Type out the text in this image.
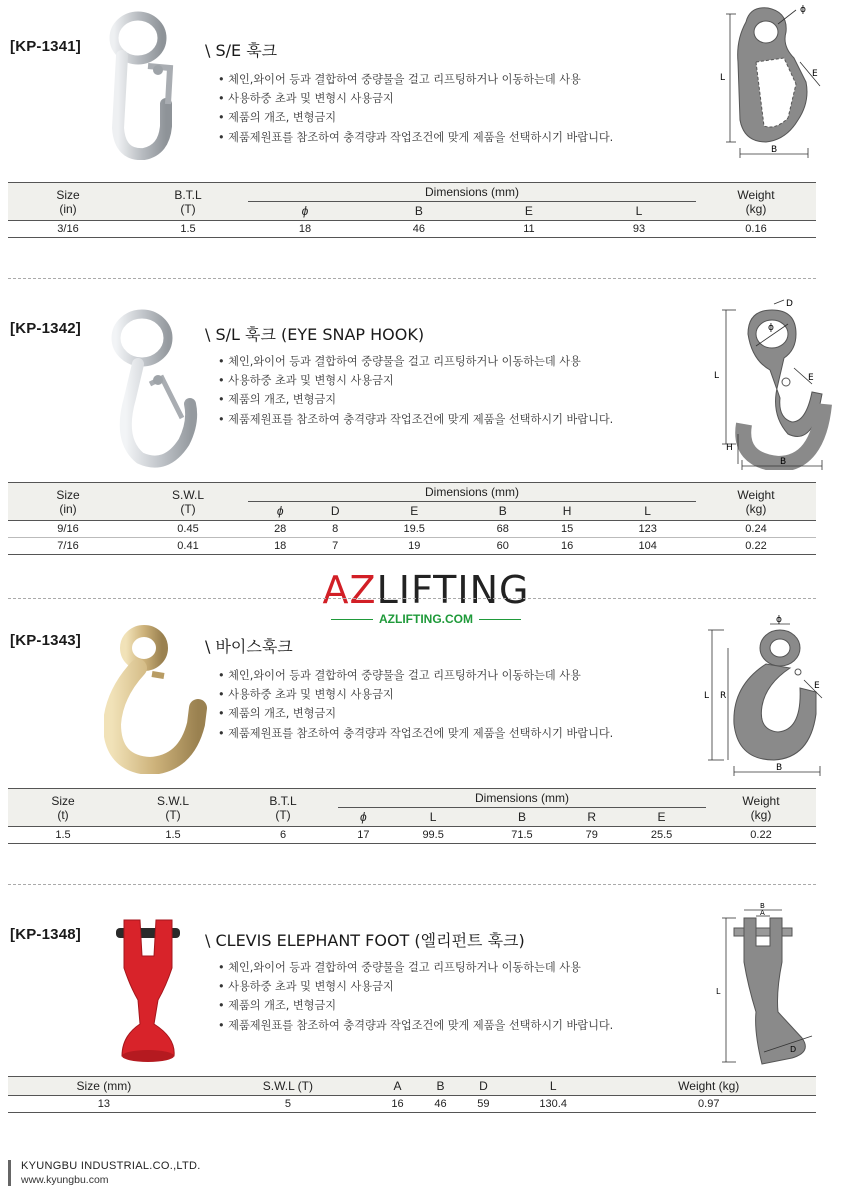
[KP-1341]	\ S/E 훅크
• 체인,와이어 등과 결합하여 중량물을 걸고 리프팅하거나 이동하는데 사용
• 사용하중 초과 및 변형시 사용금지
• 제품의 개조, 변형금지
• 제품제원표를 참조하여 충격량과 작업조건에 맞게 제품을 선택하시기 바랍니다.
ϕ
L	E
B
Size
(in)	B.T.L
(T)	Dimensions (mm)				Weight
(kg)
		ϕ	B	E	L	
3/16	1.5	18	46	11	93	0.16
[KP-1342]	\ S/L 훅크 (EYE SNAP HOOK)
• 체인,와이어 등과 결합하여 중량물을 걸고 리프팅하거나 이동하는데 사용
• 사용하중 초과 및 변형시 사용금지
• 제품의 개조, 변형금지
• 제품제원표를 참조하여 충격량과 작업조건에 맞게 제품을 선택하시기 바랍니다.
D
ϕ
L	E
H
B
Size
(in)	S.W.L
(T)	Dimensions (mm)						Weight
(kg)
		ϕ	D	E	B	H	L	
9/16	0.45	28	8	19.5	68	15	123	0.24
7/16	0.41	18	7	19	60	16	104	0.22
AZLIFTING
AZLIFTING.COM
[KP-1343]	\ 바이스훅크
• 체인,와이어 등과 결합하여 중량물을 걸고 리프팅하거나 이동하는데 사용
• 사용하중 초과 및 변형시 사용금지
• 제품의 개조, 변형금지
• 제품제원표를 참조하여 충격량과 작업조건에 맞게 제품을 선택하시기 바랍니다.
ϕ
L R
E
B
Size
(t)	S.W.L
(T)	B.T.L
(T)	Dimensions (mm)					Weight
(kg)
			ϕ	L	B	R	E	
1.5	1.5	6	17	99.5	71.5	79	25.5	0.22
[KP-1348]	\ CLEVIS ELEPHANT FOOT (엘리펀트 훅크)
• 체인,와이어 등과 결합하여 중량물을 걸고 리프팅하거나 이동하는데 사용
• 사용하중 초과 및 변형시 사용금지
• 제품의 개조, 변형금지
• 제품제원표를 참조하여 충격량과 작업조건에 맞게 제품을 선택하시기 바랍니다.
B
A
L
D
Size (mm)	S.W.L (T)	A	B	D	L	Weight (kg)
13	5	16	46	59	130.4	0.97
KYUNGBU INDUSTRIAL.CO.,LTD.
www.kyungbu.com
